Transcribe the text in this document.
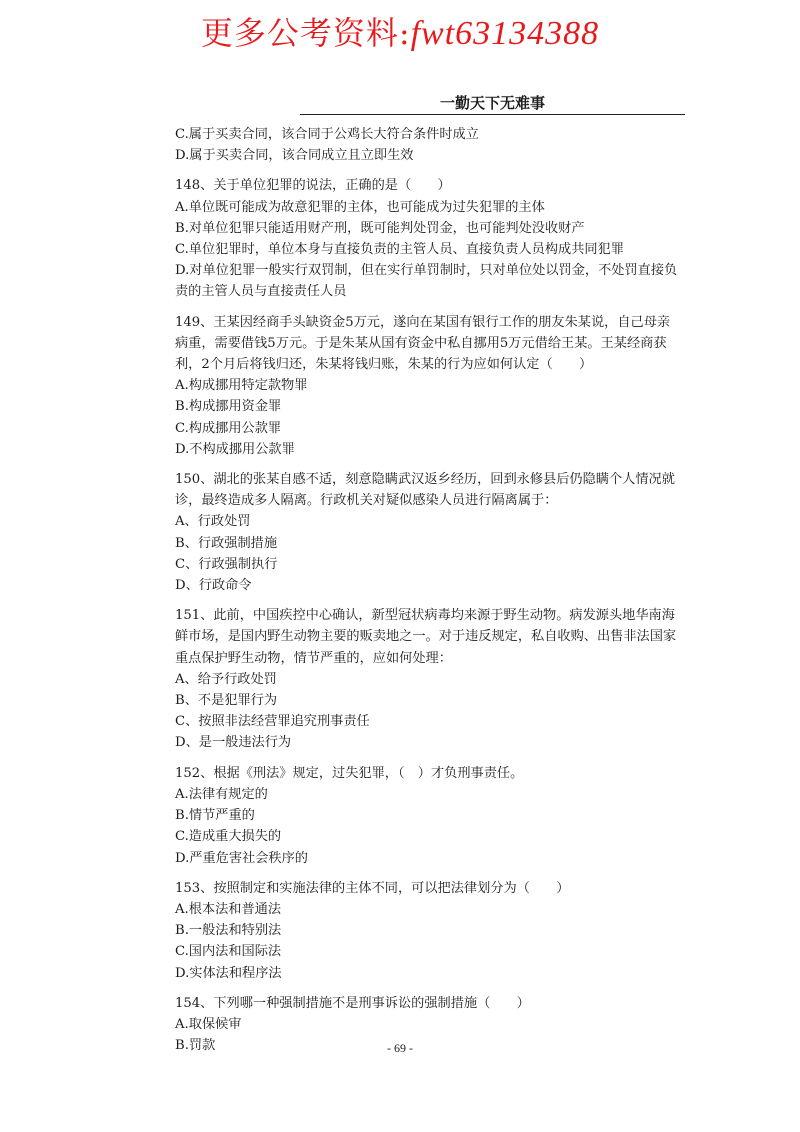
更多公考资料:fwt63134388
一勤天下无难事
C.属于买卖合同，该合同于公鸡长大符合条件时成立
D.属于买卖合同，该合同成立且立即生效
148、关于单位犯罪的说法，正确的是（　　）
A.单位既可能成为故意犯罪的主体，也可能成为过失犯罪的主体
B.对单位犯罪只能适用财产刑，既可能判处罚金，也可能判处没收财产
C.单位犯罪时，单位本身与直接负责的主管人员、直接负责人员构成共同犯罪
D.对单位犯罪一般实行双罚制，但在实行单罚制时，只对单位处以罚金，不处罚直接负责的主管人员与直接责任人员
149、王某因经商手头缺资金5万元，遂向在某国有银行工作的朋友朱某说，自己母亲病重，需要借钱5万元。于是朱某从国有资金中私自挪用5万元借给王某。王某经商获利，2个月后将钱归还，朱某将钱归账，朱某的行为应如何认定（　　）
A.构成挪用特定款物罪
B.构成挪用资金罪
C.构成挪用公款罪
D.不构成挪用公款罪
150、湖北的张某自感不适，刻意隐瞒武汉返乡经历，回到永修县后仍隐瞒个人情况就诊，最终造成多人隔离。行政机关对疑似感染人员进行隔离属于：
A、行政处罚
B、行政强制措施
C、行政强制执行
D、行政命令
151、此前，中国疾控中心确认，新型冠状病毒均来源于野生动物。病发源头地华南海鲜市场，是国内野生动物主要的贩卖地之一。对于违反规定，私自收购、出售非法国家重点保护野生动物，情节严重的，应如何处理：
A、给予行政处罚
B、不是犯罪行为
C、按照非法经营罪追究刑事责任
D、是一般违法行为
152、根据《刑法》规定，过失犯罪，（　）才负刑事责任。
A.法律有规定的
B.情节严重的
C.造成重大损失的
D.严重危害社会秩序的
153、按照制定和实施法律的主体不同，可以把法律划分为（　　）
A.根本法和普通法
B.一般法和特别法
C.国内法和国际法
D.实体法和程序法
154、下列哪一种强制措施不是刑事诉讼的强制措施（　　）
A.取保候审
B.罚款	- 69 -
